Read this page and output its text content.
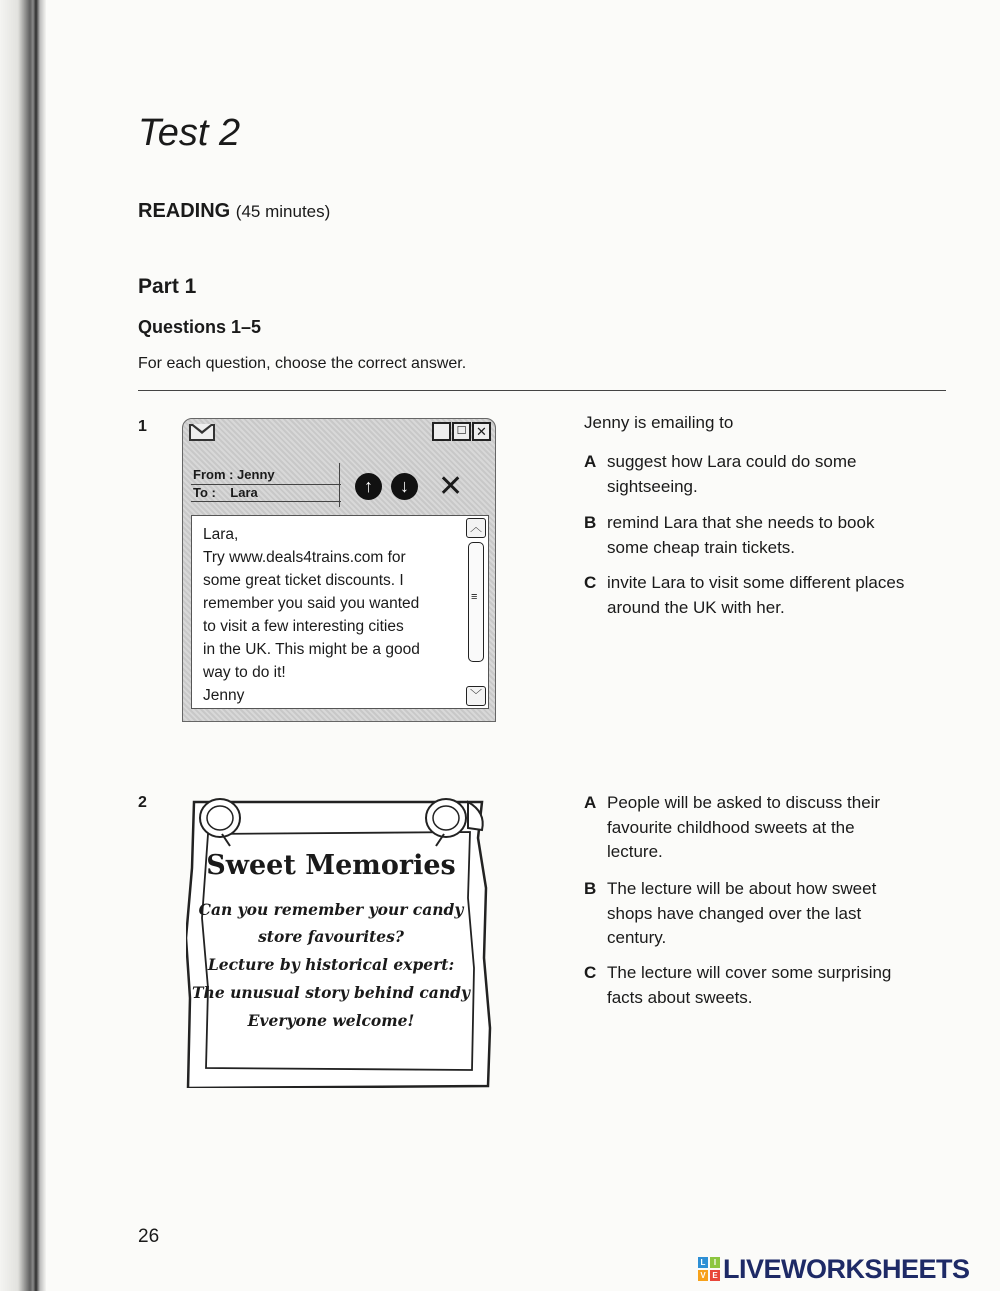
Test 2
READING (45 minutes)
Part 1
Questions 1–5
For each question, choose the correct answer.
1	_	☐ ✕
From : Jenny
To :    Lara	↑	↓ ✕
Lara,
Try www.deals4trains.com for
some great ticket discounts. I
remember you said you wanted
to visit a few interesting cities
in the UK. This might be a good
way to do it!
Jenny
︿
≡
﹀
Jenny is emailing to
A suggest how Lara could do some
sightseeing.
B remind Lara that she needs to book
some cheap train tickets.
C invite Lara to visit some different places
around the UK with her.
2
Sweet Memories
Can you remember your candy
store favourites?
Lecture by historical expert:
The unusual story behind candy
Everyone welcome!
A People will be asked to discuss their
favourite childhood sweets at the
lecture.
B The lecture will be about how sweet
shops have changed over the last
century.
C The lecture will cover some surprising
facts about sweets.
26
L	I
V E LIVEWORKSHEETS
